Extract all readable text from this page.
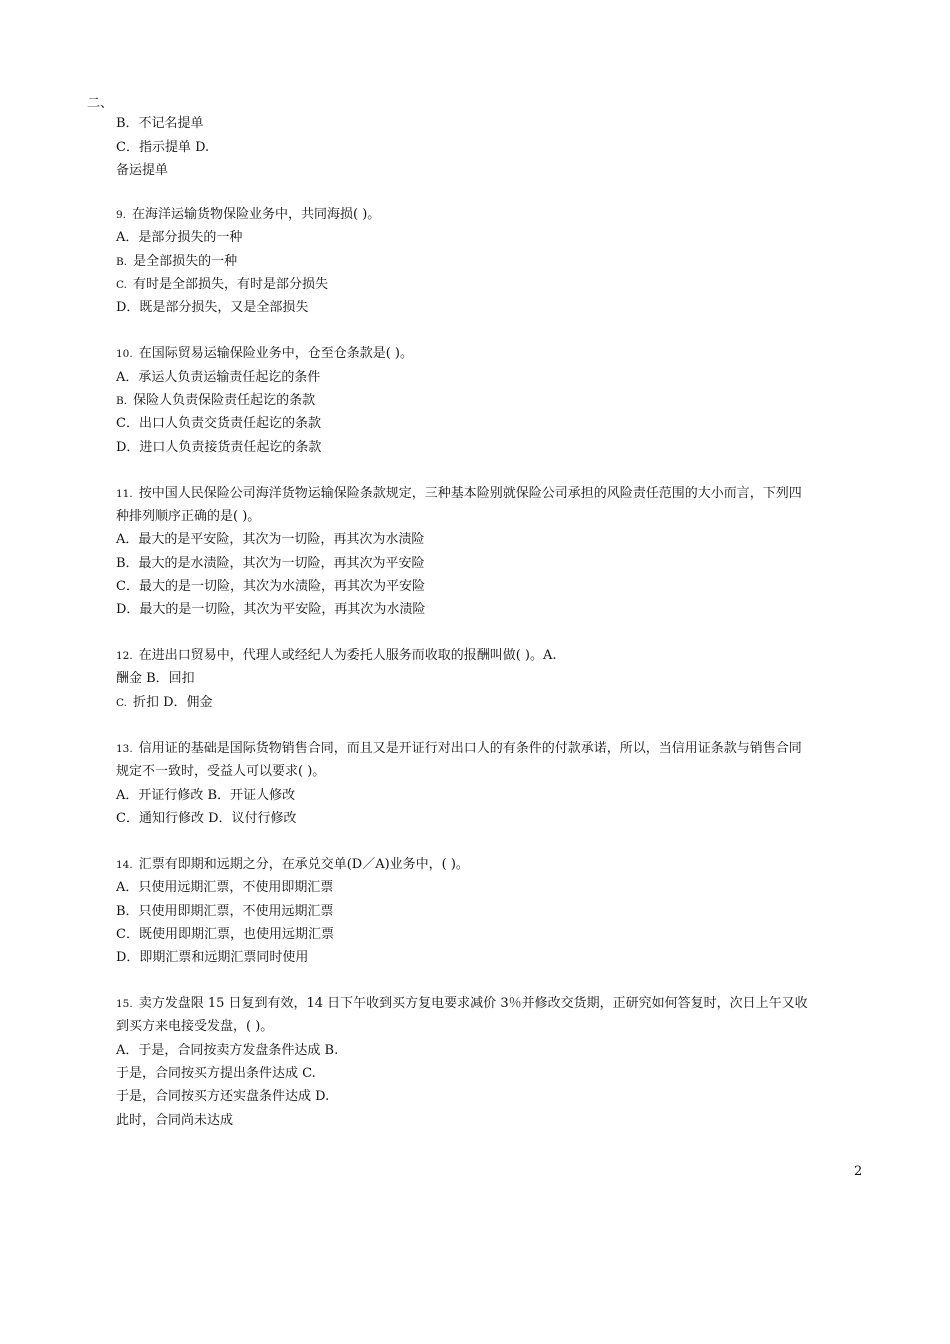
二、
B．不记名提单
C．指示提单 D.
备运提单
9. 在海洋运输货物保险业务中，共同海损( )。
A．是部分损失的一种
B. 是全部损失的一种
C. 有时是全部损失，有时是部分损失
D．既是部分损失，又是全部损失
10. 在国际贸易运输保险业务中，仓至仓条款是( )。
A．承运人负责运输责任起讫的条件
B. 保险人负责保险责任起讫的条款
C．出口人负责交货责任起讫的条款
D．进口人负责接货责任起讫的条款
11. 按中国人民保险公司海洋货物运输保险条款规定，三种基本险别就保险公司承担的风险责任范围的大小而言，下列四
种排列顺序正确的是( )。
A．最大的是平安险，其次为一切险，再其次为水渍险
B．最大的是水渍险，其次为一切险，再其次为平安险
C．最大的是一切险，其次为水渍险，再其次为平安险
D．最大的是一切险，其次为平安险，再其次为水渍险
12. 在进出口贸易中，代理人或经纪人为委托人服务而收取的报酬叫做( )。A.
酬金 B．回扣
C. 折扣 D．佣金
13. 信用证的基础是国际货物销售合同，而且又是开证行对出口人的有条件的付款承诺，所以，当信用证条款与销售合同
规定不一致时，受益人可以要求( )。
A．开证行修改 B．开证人修改
C．通知行修改 D．议付行修改
14. 汇票有即期和远期之分，在承兑交单(D／A)业务中，( )。
A．只使用远期汇票，不使用即期汇票
B．只使用即期汇票，不使用远期汇票
C．既使用即期汇票，也使用远期汇票
D．即期汇票和远期汇票同时使用
15. 卖方发盘限 15 日复到有效，14 日下午收到买方复电要求减价 3％并修改交货期，正研究如何答复时，次日上午又收
到买方来电接受发盘，( )。
A．于是，合同按卖方发盘条件达成 B.
于是，合同按买方提出条件达成 C.
于是，合同按买方还实盘条件达成 D.
此时，合同尚未达成
2
